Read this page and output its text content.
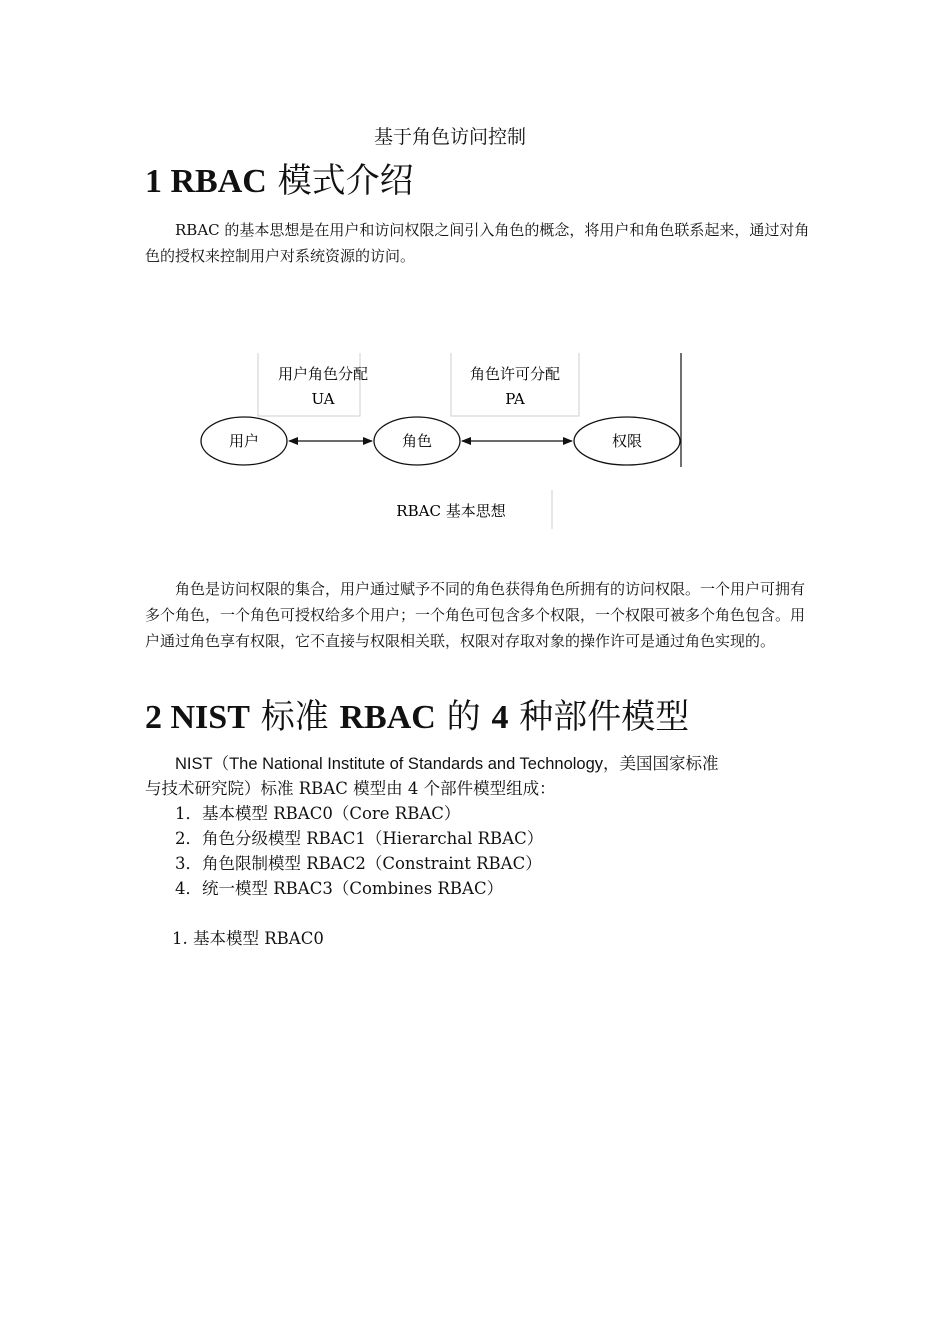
基于角色访问控制
1 RBAC 模式介绍
RBAC 的基本思想是在用户和访问权限之间引入角色的概念，将用户和角色联系起来，通过对角色的授权来控制用户对系统资源的访问。
用户角色分配
UA
角色许可分配
PA
用户	角色	权限
RBAC 基本思想
角色是访问权限的集合，用户通过赋予不同的角色获得角色所拥有的访问权限。一个用户可拥有多个角色，一个角色可授权给多个用户；一个角色可包含多个权限，一个权限可被多个角色包含。用户通过角色享有权限，它不直接与权限相关联，权限对存取对象的操作许可是通过角色实现的。
2 NIST 标准 RBAC 的 4 种部件模型
NIST（The National Institute of Standards and Technology，美国国家标准
与技术研究院）标准 RBAC 模型由 4 个部件模型组成：
1．基本模型 RBAC0（Core RBAC）
2．角色分级模型 RBAC1（Hierarchal RBAC）
3．角色限制模型 RBAC2（Constraint RBAC）
4．统一模型 RBAC3（Combines RBAC）
1. 基本模型 RBAC0
